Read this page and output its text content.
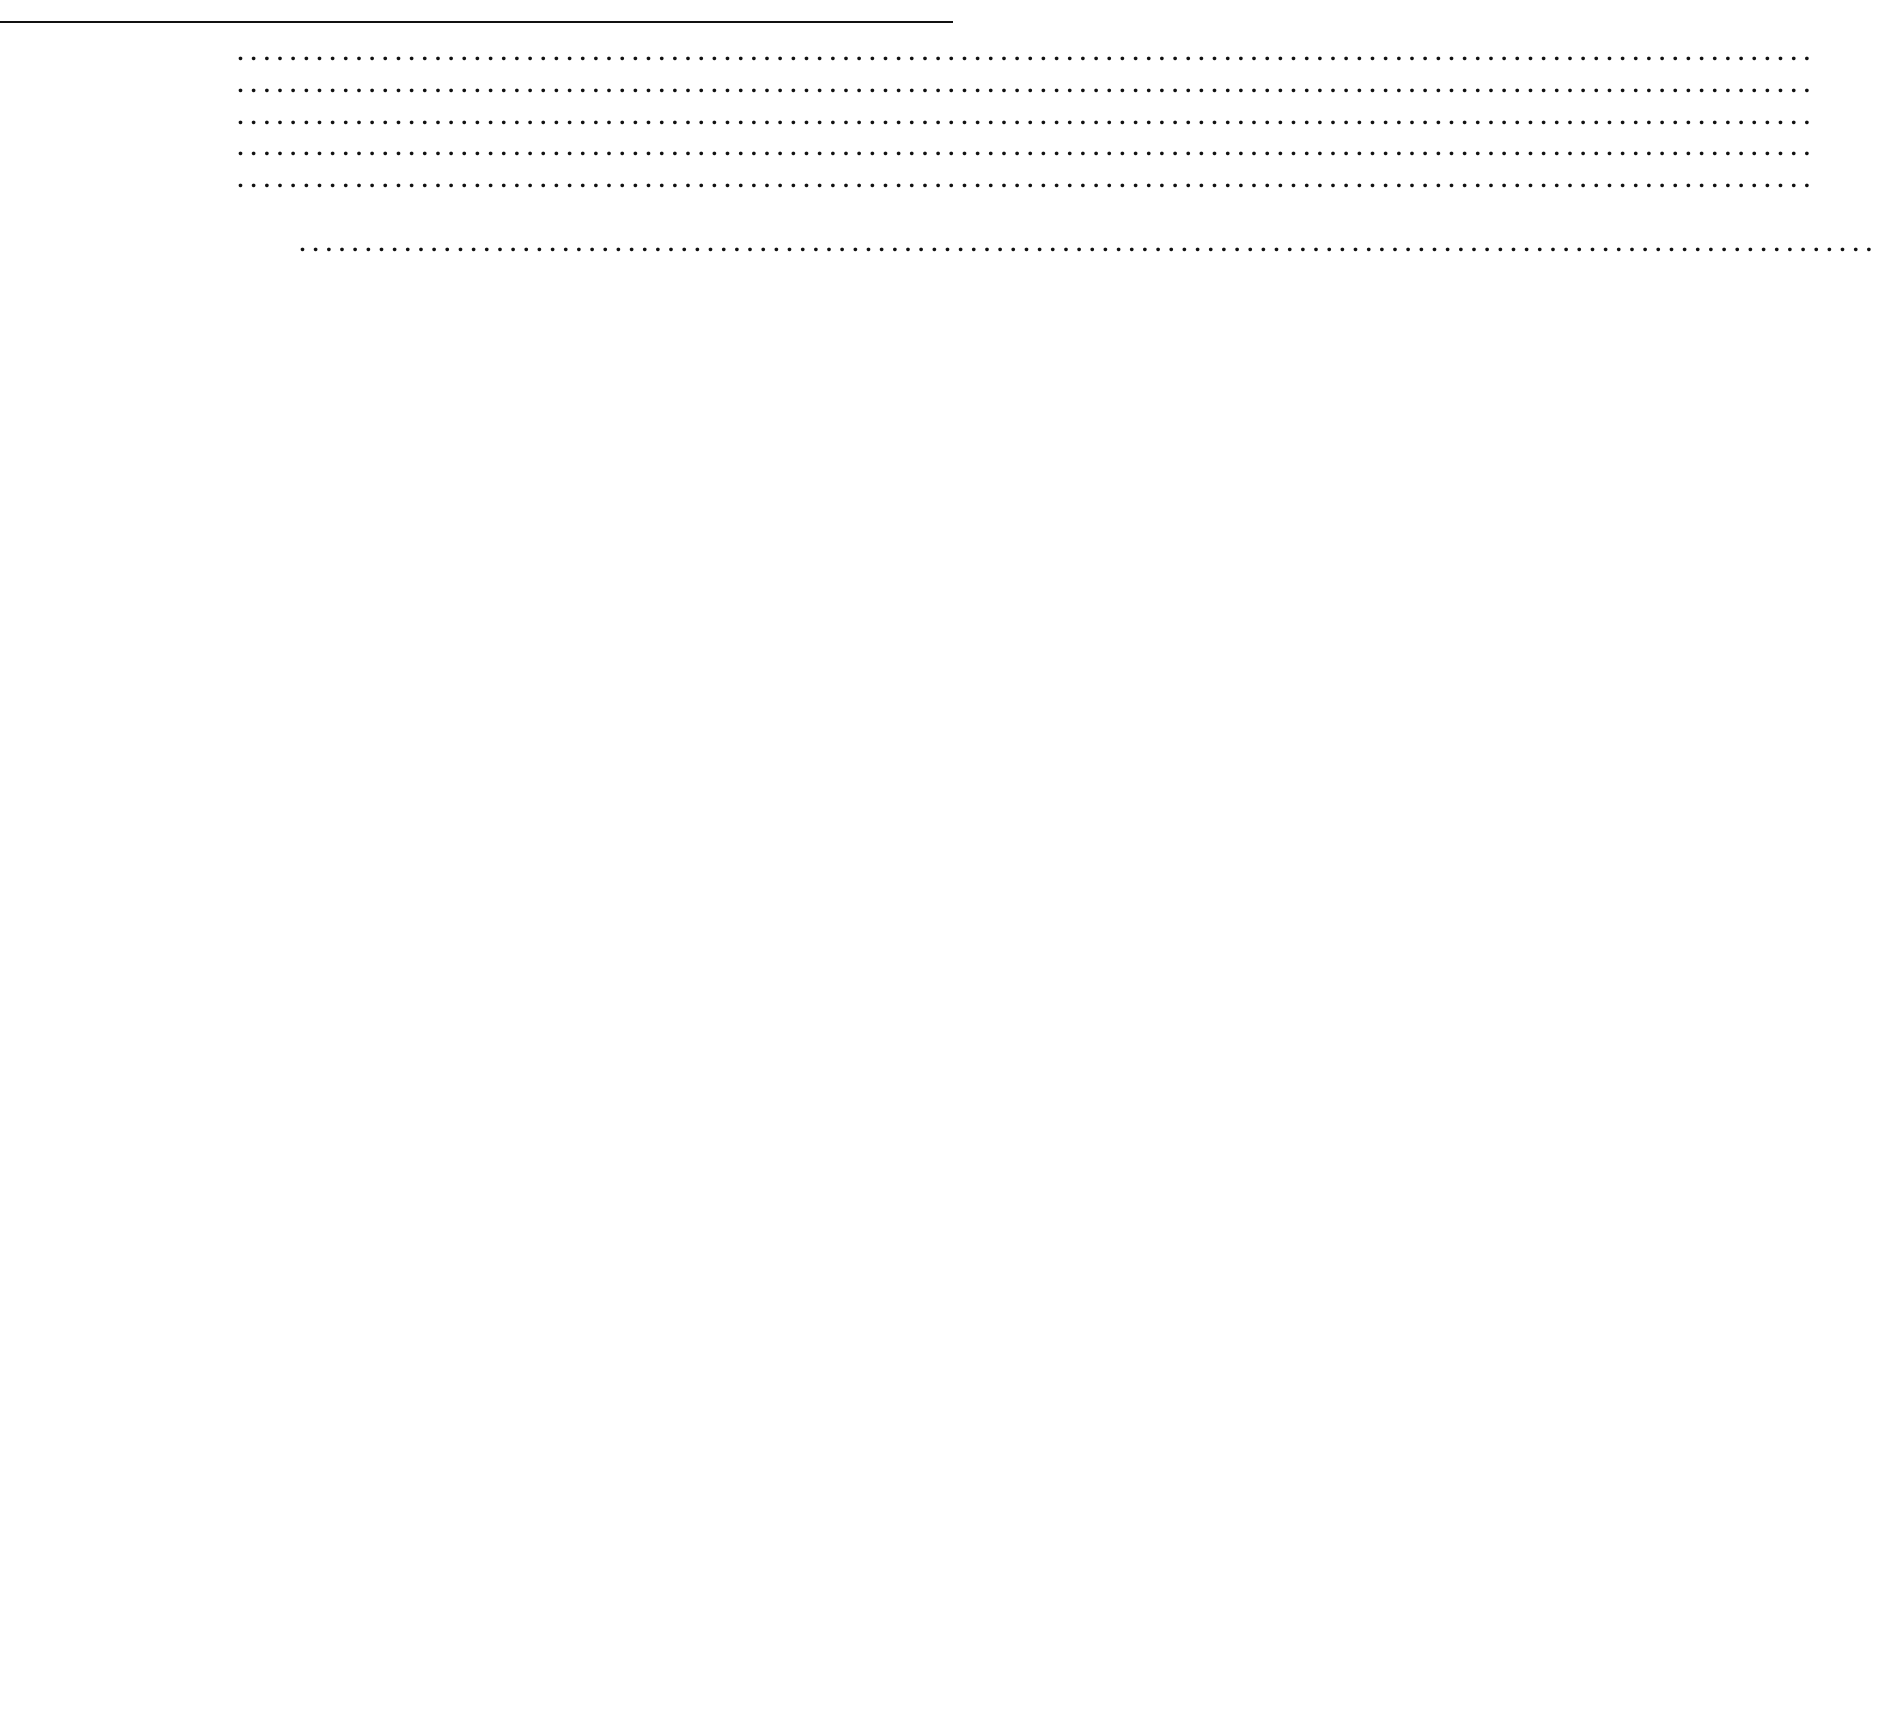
........................................................................................................................
........................................................................................................................
........................................................................................................................
........................................................................................................................
........................................................................................................................
........................................................................................................................
